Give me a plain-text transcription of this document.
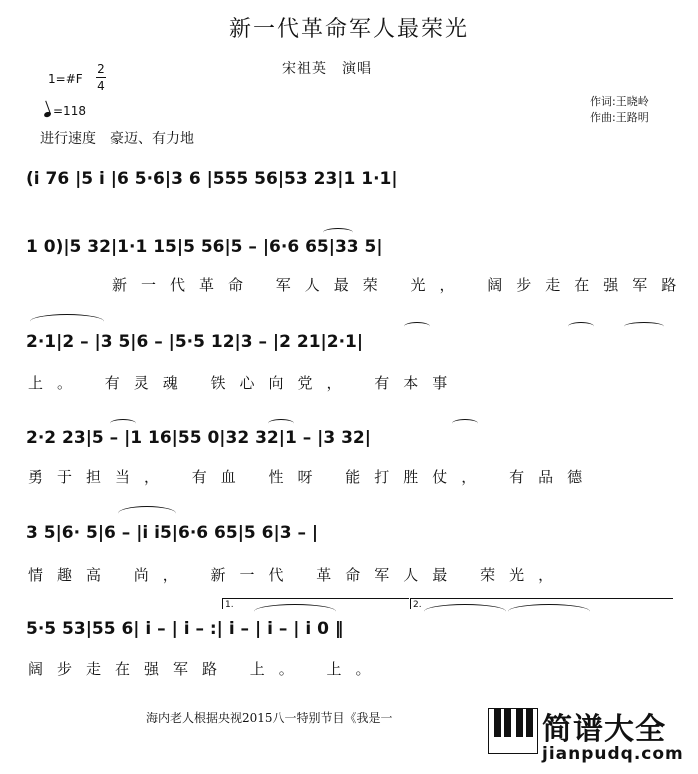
新一代革命军人最荣光
宋祖英　演唱
1=#F
2
4
=118
作词:王晓岭
作曲:王路明
进行速度　豪迈、有力地
(i 76 |5 i |6 5·6|3 6 |555 56|53 23|1 1·1|
1 0)|5 32|1·1 15|5 56|5 – |6·6 65|33 5|
新一代革命 军人最荣 光， 阔步走在强军路
2·1|2 – |3 5|6 – |5·5 12|3 – |2 21|2·1|
上。 有灵魂 铁心向党， 有本事
2·2 23|5 – |1 16|55 0|32 32|1 – |3 32|
勇于担当， 有血 性呀 能打胜仗， 有品德
3 5|6· 5|6 – |i i5|6·6 65|5 6|3 – |
情趣高 尚， 新一代 革命军人最 荣光，
1.	2.
5·5 53|55 6| i – | i – :| i – | i – | i 0 ‖
阔步走在强军路 上。 上。
海内老人根据央视2015八一特别节目《我是一	简谱大全
jianpudq.com
